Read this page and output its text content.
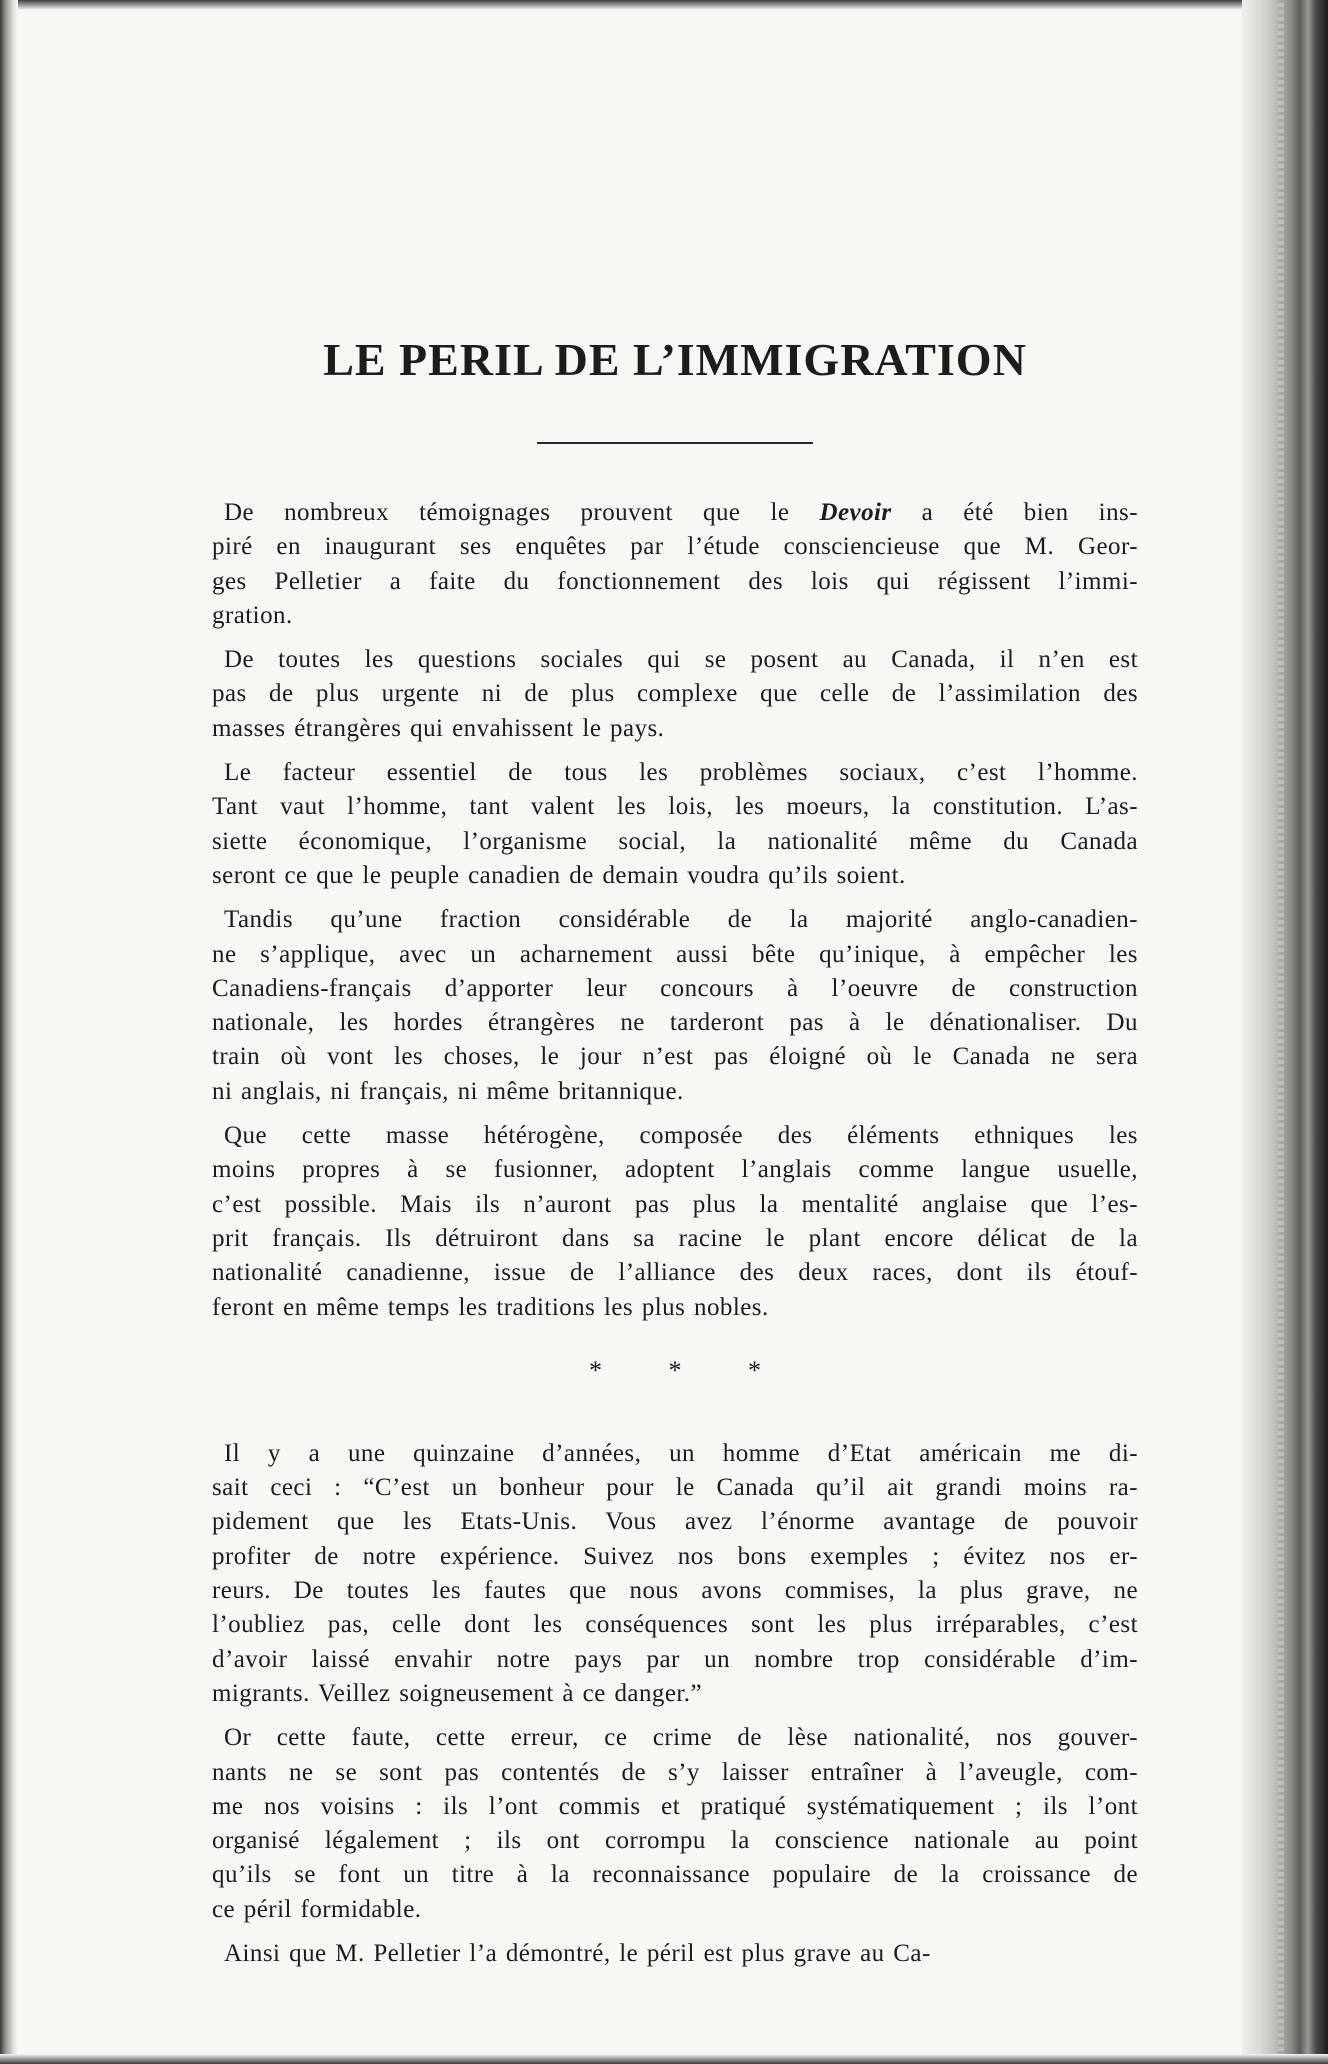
LE PERIL DE L’IMMIGRATION
De nombreux témoignages prouvent que le Devoir a été bien ins-
piré en inaugurant ses enquêtes par l’étude consciencieuse que M. Geor-
ges Pelletier a faite du fonctionnement des lois qui régissent l’immi-
gration.
De toutes les questions sociales qui se posent au Canada, il n’en est
pas de plus urgente ni de plus complexe que celle de l’assimilation des
masses étrangères qui envahissent le pays.
Le facteur essentiel de tous les problèmes sociaux, c’est l’homme.
Tant vaut l’homme, tant valent les lois, les moeurs, la constitution. L’as-
siette économique, l’organisme social, la nationalité même du Canada
seront ce que le peuple canadien de demain voudra qu’ils soient.
Tandis qu’une fraction considérable de la majorité anglo-canadien-
ne s’applique, avec un acharnement aussi bête qu’inique, à empêcher les
Canadiens-français d’apporter leur concours à l’oeuvre de construction
nationale, les hordes étrangères ne tarderont pas à le dénationaliser. Du
train où vont les choses, le jour n’est pas éloigné où le Canada ne sera
ni anglais, ni français, ni même britannique.
Que cette masse hétérogène, composée des éléments ethniques les
moins propres à se fusionner, adoptent l’anglais comme langue usuelle,
c’est possible. Mais ils n’auront pas plus la mentalité anglaise que l’es-
prit français. Ils détruiront dans sa racine le plant encore délicat de la
nationalité canadienne, issue de l’alliance des deux races, dont ils étouf-
feront en même temps les traditions les plus nobles.
* * *
Il y a une quinzaine d’années, un homme d’Etat américain me di-
sait ceci : “C’est un bonheur pour le Canada qu’il ait grandi moins ra-
pidement que les Etats-Unis. Vous avez l’énorme avantage de pouvoir
profiter de notre expérience. Suivez nos bons exemples ; évitez nos er-
reurs. De toutes les fautes que nous avons commises, la plus grave, ne
l’oubliez pas, celle dont les conséquences sont les plus irréparables, c’est
d’avoir laissé envahir notre pays par un nombre trop considérable d’im-
migrants. Veillez soigneusement à ce danger.”
Or cette faute, cette erreur, ce crime de lèse nationalité, nos gouver-
nants ne se sont pas contentés de s’y laisser entraîner à l’aveugle, com-
me nos voisins : ils l’ont commis et pratiqué systématiquement ; ils l’ont
organisé légalement ; ils ont corrompu la conscience nationale au point
qu’ils se font un titre à la reconnaissance populaire de la croissance de
ce péril formidable.
Ainsi que M. Pelletier l’a démontré, le péril est plus grave au Ca-
